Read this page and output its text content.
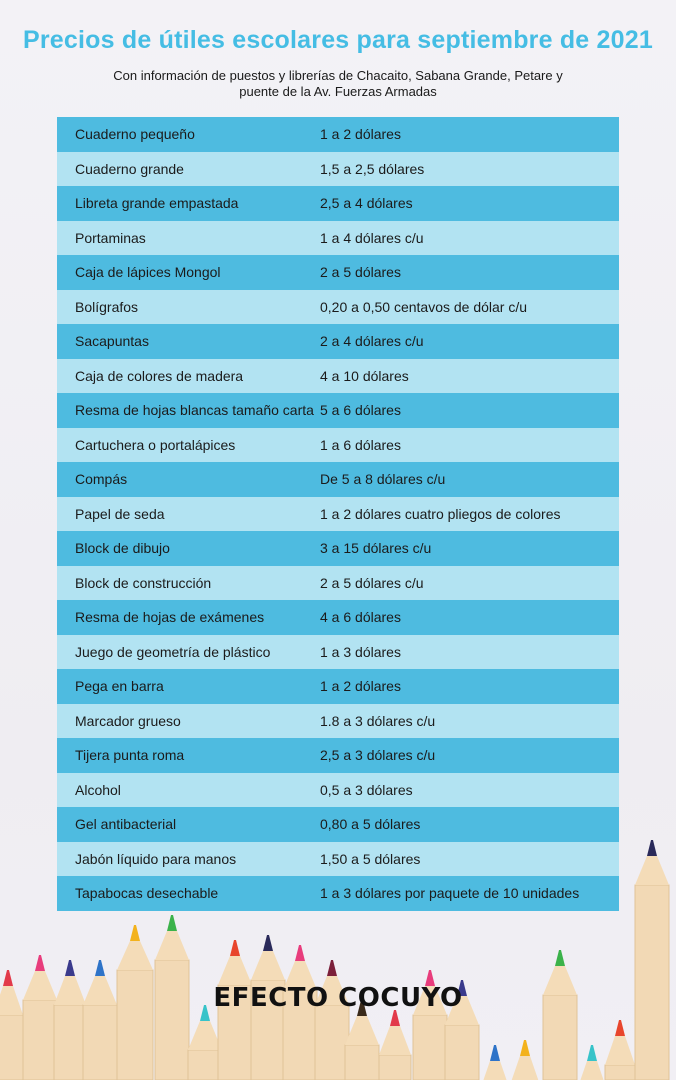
Precios de útiles escolares para septiembre de 2021
Con información de puestos y librerías de Chacaito, Sabana Grande, Petare y
puente de la Av. Fuerzas Armadas
Cuaderno pequeño	1 a 2 dólares
Cuaderno grande	1,5 a 2,5 dólares
Libreta grande empastada	2,5 a 4 dólares
Portaminas	1 a 4 dólares c/u
Caja de lápices Mongol	2 a 5 dólares
Bolígrafos	0,20 a 0,50 centavos de dólar c/u
Sacapuntas	2 a 4 dólares c/u
Caja de colores de madera	4 a 10 dólares
Resma de hojas blancas tamaño carta 5 a 6 dólares
Cartuchera o portalápices	1 a 6 dólares
Compás	De 5 a 8 dólares c/u
Papel de seda	1 a 2 dólares cuatro pliegos de colores
Block de dibujo	3 a 15 dólares c/u
Block de construcción	2 a 5 dólares c/u
Resma de hojas de exámenes	4 a 6 dólares
Juego de geometría de plástico	1 a 3 dólares
Pega en barra	1 a 2 dólares
Marcador grueso	1.8 a 3 dólares c/u
Tijera punta roma	2,5 a 3 dólares c/u
Alcohol	0,5 a 3 dólares
Gel antibacterial	0,80 a 5 dólares
Jabón líquido para manos	1,50 a 5 dólares
Tapabocas desechable	1 a 3 dólares por paquete de 10 unidades
EFECTO COCUYO
